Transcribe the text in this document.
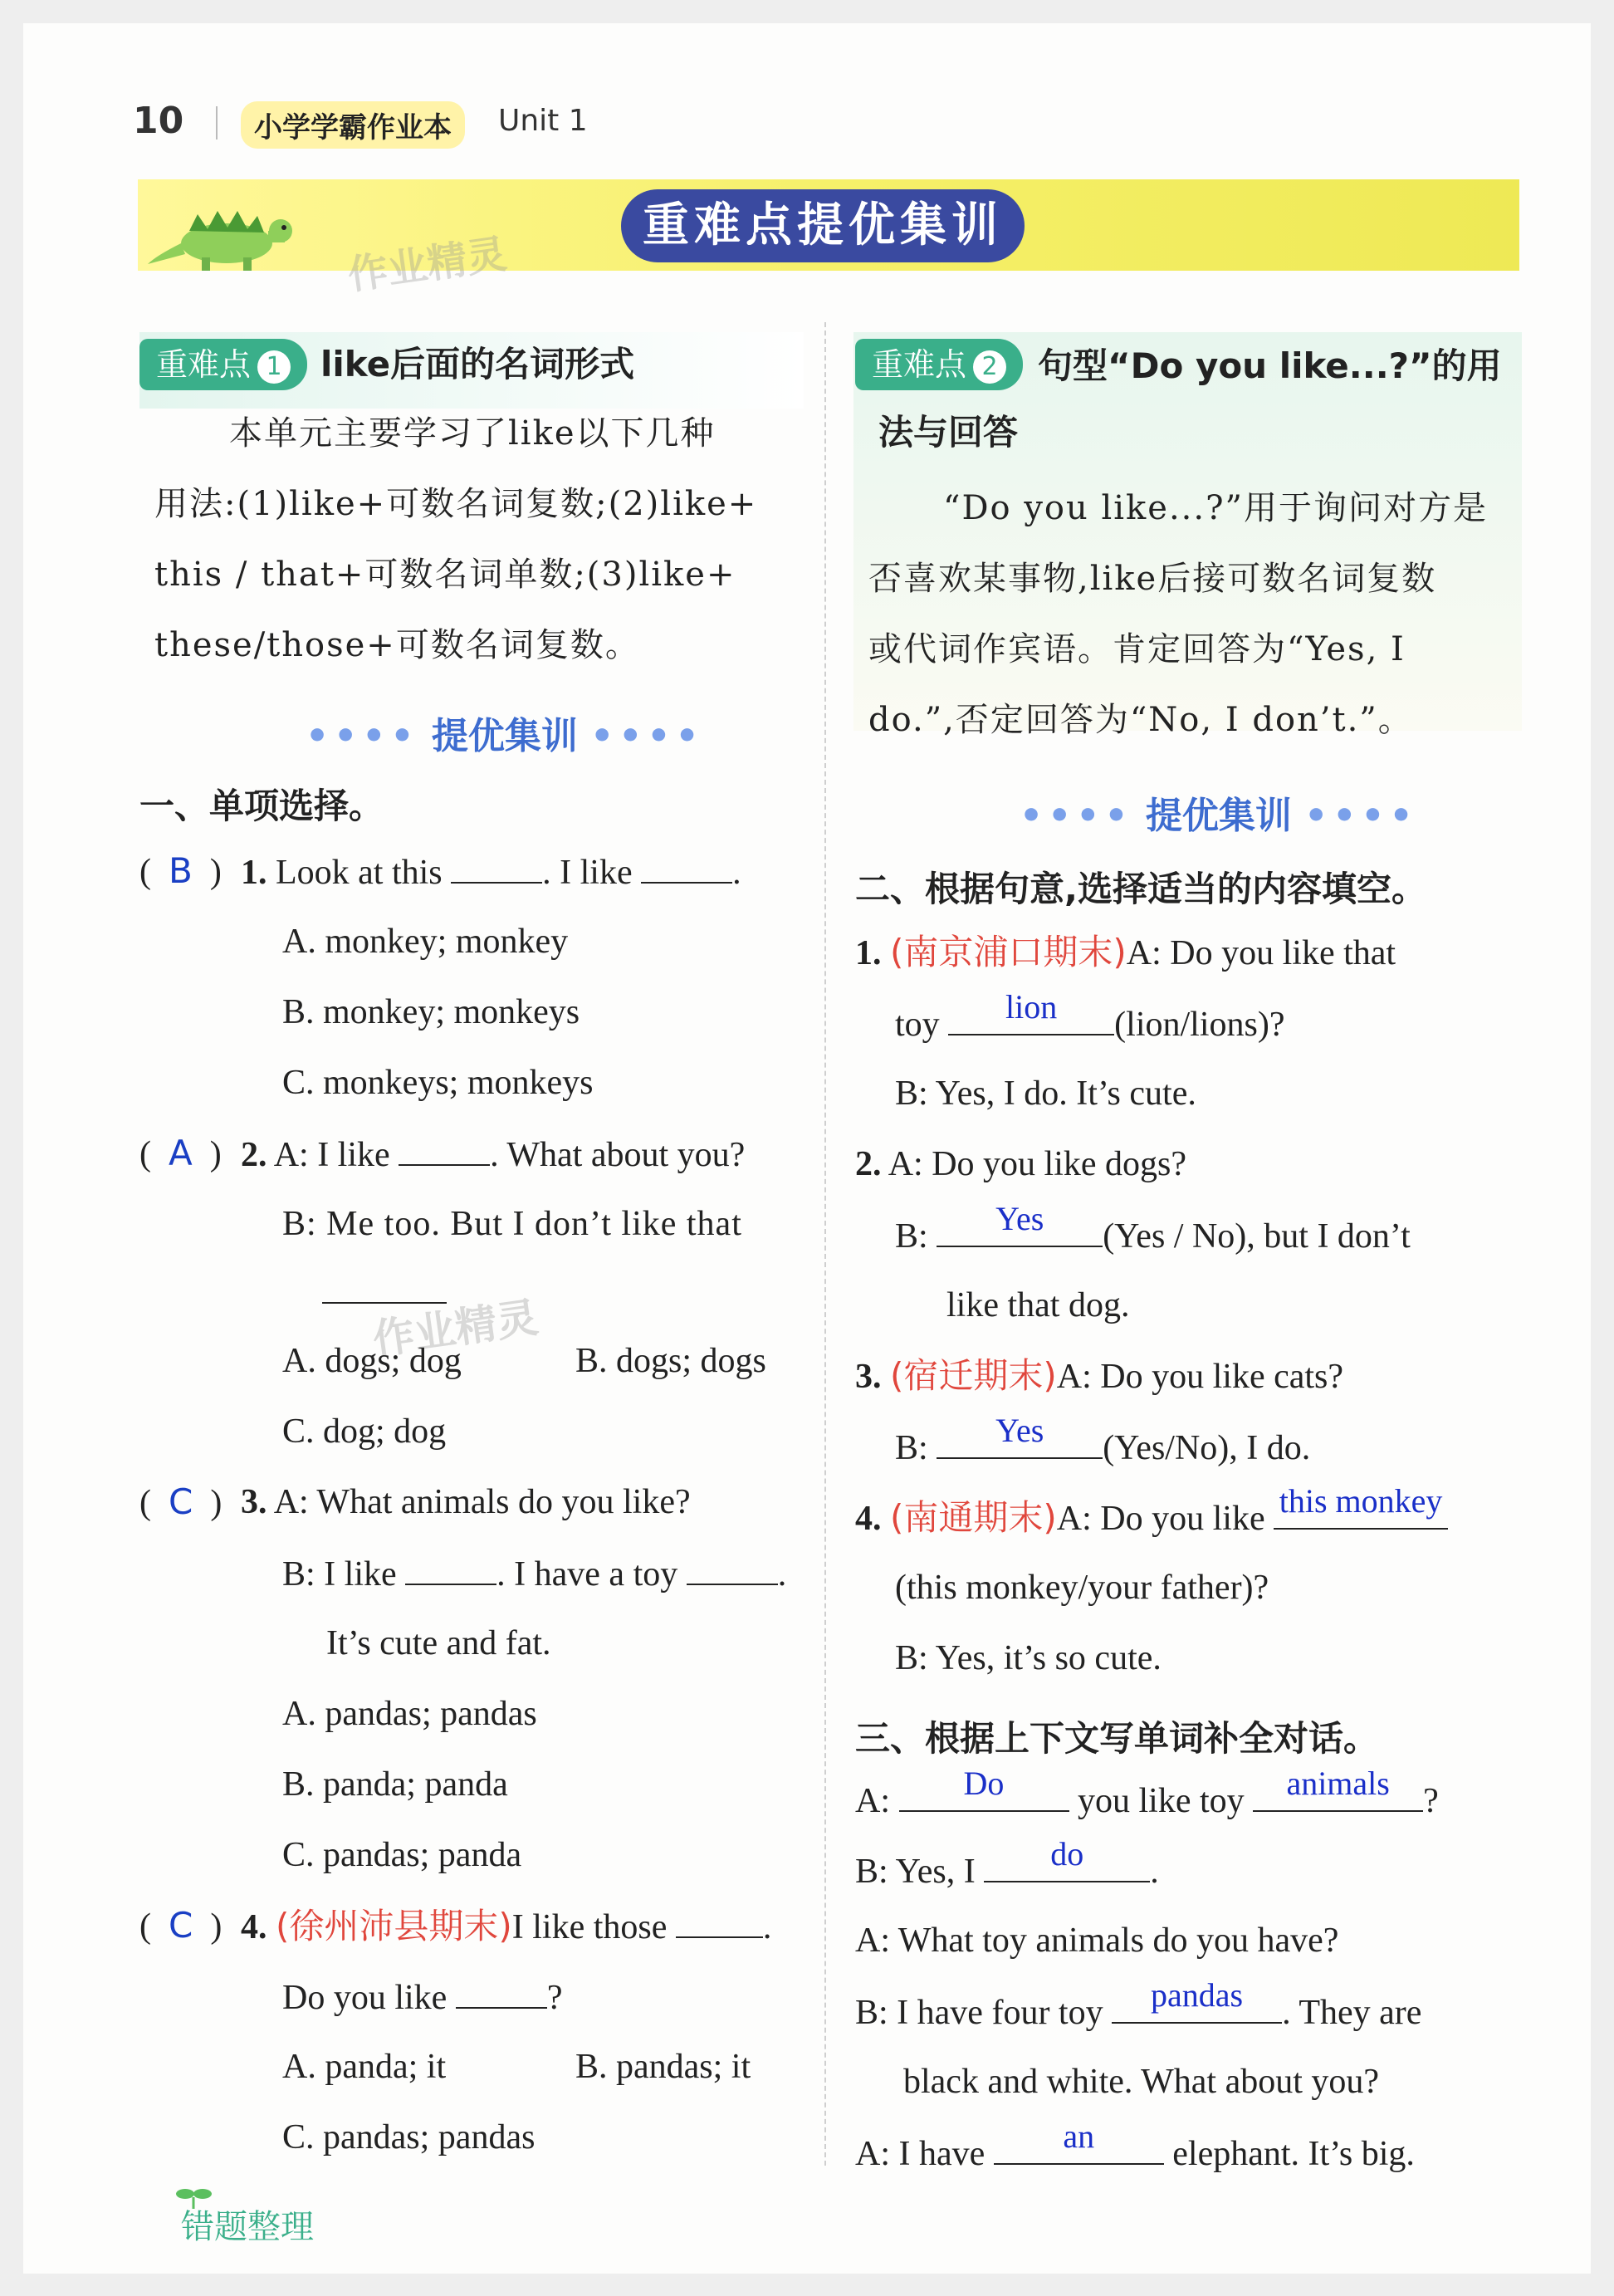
10	小学学霸作业本	Unit 1
作业精灵
重难点提优集训
重难点 1	like后面的名词形式
本单元主要学习了like以下几种
用法:(1)like+可数名词复数;(2)like+
this / that+可数名词单数;(3)like+
these/those+可数名词复数。
•••• 提优集训 ••••
一、单项选择。
(  B  ) 1. Look at this	. I like	.
A. monkey; monkey
B. monkey; monkeys
C. monkeys; monkeys
(  A  ) 2. A: I like	. What about you?
B: Me too. But I don’t like that
作业精灵
A. dogs; dog	B. dogs; dogs
C. dog; dog
(  C  ) 3. A: What animals do you like?
B: I like	. I have a toy	.
It’s cute and fat.
A. pandas; pandas
B. panda; panda
C. pandas; panda
(  C  ) 4. (徐州沛县期末)I like those	.
Do you like	?
A. panda; it	B. pandas; it
C. pandas; pandas
重难点 2	句型“Do you like...?”的用
法与回答
“Do you like...?”用于询问对方是
否喜欢某事物,like后接可数名词复数
或代词作宾语。肯定回答为“Yes, I
do.”,否定回答为“No, I don’t.”。
•••• 提优集训 ••••
二、根据句意,选择适当的内容填空。
1. (南京浦口期末)A: Do you like that
toy	lion	(lion/lions)?
B: Yes, I do. It’s cute.
2. A: Do you like dogs?
B:	Yes	(Yes / No), but I don’t
like that dog.
3. (宿迁期末)A: Do you like cats?
B:	Yes	(Yes/No), I do.
4. (南通期末)A: Do you like this monkey
(this monkey/your father)?
B: Yes, it’s so cute.
三、根据上下文写单词补全对话。
A:	Do	you like toy	animals ?
B: Yes, I	do	.
A: What toy animals do you have?
B: I have four toy	pandas	. They are
black and white. What about you?
A: I have	an	elephant. It’s big.
错题整理
